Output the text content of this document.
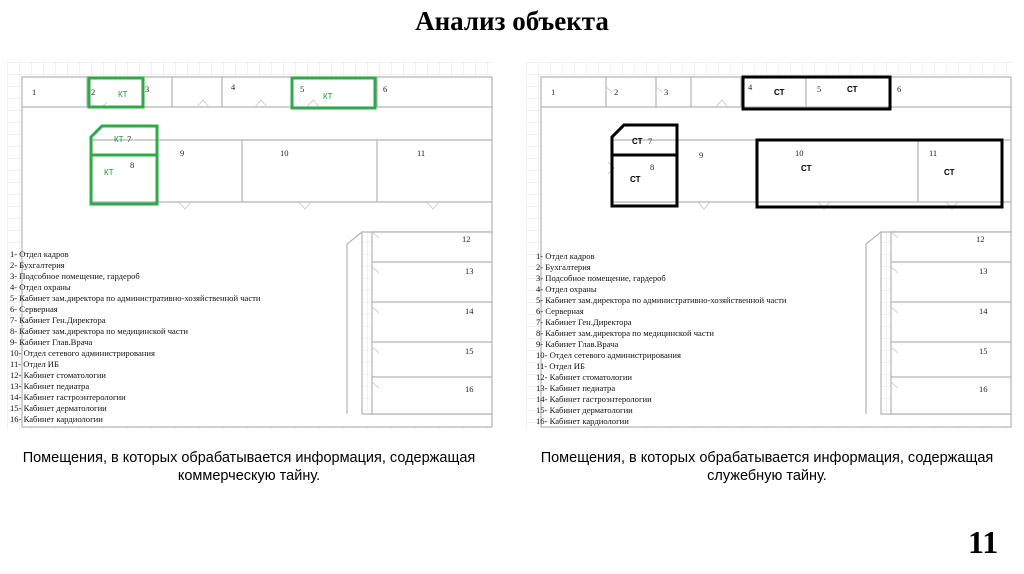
Анализ объекта
1	2	3	4	5	6
7
8
9	10	11
12
13
14
15
16
КТ	КТ
КТ
КТ
1- Отдел кадров
2- Бухгалтерия
3- Подсобное помещение, гардероб
4- Отдел охраны
5- Кабинет зам.директора по административно-хозяйственной части
6- Серверная
7- Кабинет Ген.Директора
8- Кабинет зам.директора по медицинской части
9- Кабинет Глав.Врача
10- Отдел сетевого администрирования
11- Отдел ИБ
12- Кабинет стоматологии
13- Кабинет педиатра
14- Кабинет гастроэнтерологии
15- Кабинет дерматологии
16- Кабинет кардиологии
1	2	3	4	5	6
7
8
9	10	11
12
13
14
15
16
СТ	СТ
СТ
СТ
СТ	СТ
1- Отдел кадров
2- Бухгалтерия
3- Подсобное помещение, гардероб
4- Отдел охраны
5- Кабинет зам.директора по административно-хозяйственной части
6- Серверная
7- Кабинет Ген.Директора
8- Кабинет зам.директора по медицинской части
9- Кабинет Глав.Врача
10- Отдел сетевого администрирования
11- Отдел ИБ
12- Кабинет стоматологии
13- Кабинет педиатра
14- Кабинет гастроэнтерологии
15- Кабинет дерматологии
16- Кабинет кардиологии
Помещения, в которых обрабатывается информация, содержащая коммерческую тайну.
Помещения, в которых обрабатывается информация, содержащая служебную тайну.
11
